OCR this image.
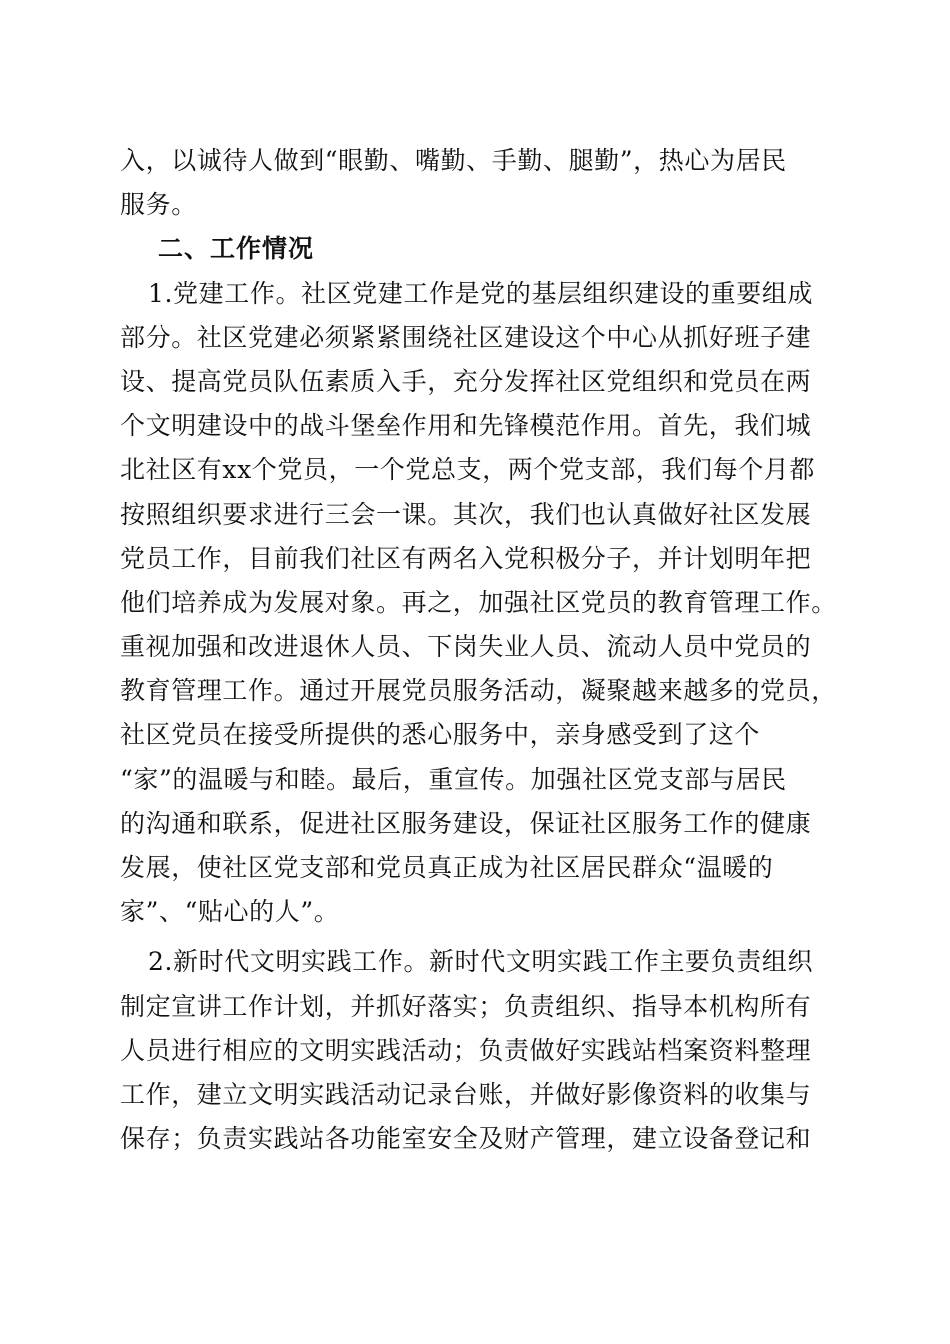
入，以诚待人做到“眼勤、嘴勤、手勤、腿勤”，热心为居民
服务。
二、工作情况
1.党建工作。社区党建工作是党的基层组织建设的重要组成
部分。社区党建必须紧紧围绕社区建设这个中心从抓好班子建
设、提高党员队伍素质入手，充分发挥社区党组织和党员在两
个文明建设中的战斗堡垒作用和先锋模范作用。首先，我们城
北社区有xx个党员，一个党总支，两个党支部，我们每个月都
按照组织要求进行三会一课。其次，我们也认真做好社区发展
党员工作，目前我们社区有两名入党积极分子，并计划明年把
他们培养成为发展对象。再之，加强社区党员的教育管理工作。
重视加强和改进退休人员、下岗失业人员、流动人员中党员的
教育管理工作。通过开展党员服务活动，凝聚越来越多的党员，
社区党员在接受所提供的悉心服务中，亲身感受到了这个
“家”的温暖与和睦。最后，重宣传。加强社区党支部与居民
的沟通和联系，促进社区服务建设，保证社区服务工作的健康
发展，使社区党支部和党员真正成为社区居民群众“温暖的
家”、“贴心的人”。
2.新时代文明实践工作。新时代文明实践工作主要负责组织
制定宣讲工作计划，并抓好落实；负责组织、指导本机构所有
人员进行相应的文明实践活动；负责做好实践站档案资料整理
工作，建立文明实践活动记录台账，并做好影像资料的收集与
保存；负责实践站各功能室安全及财产管理，建立设备登记和
